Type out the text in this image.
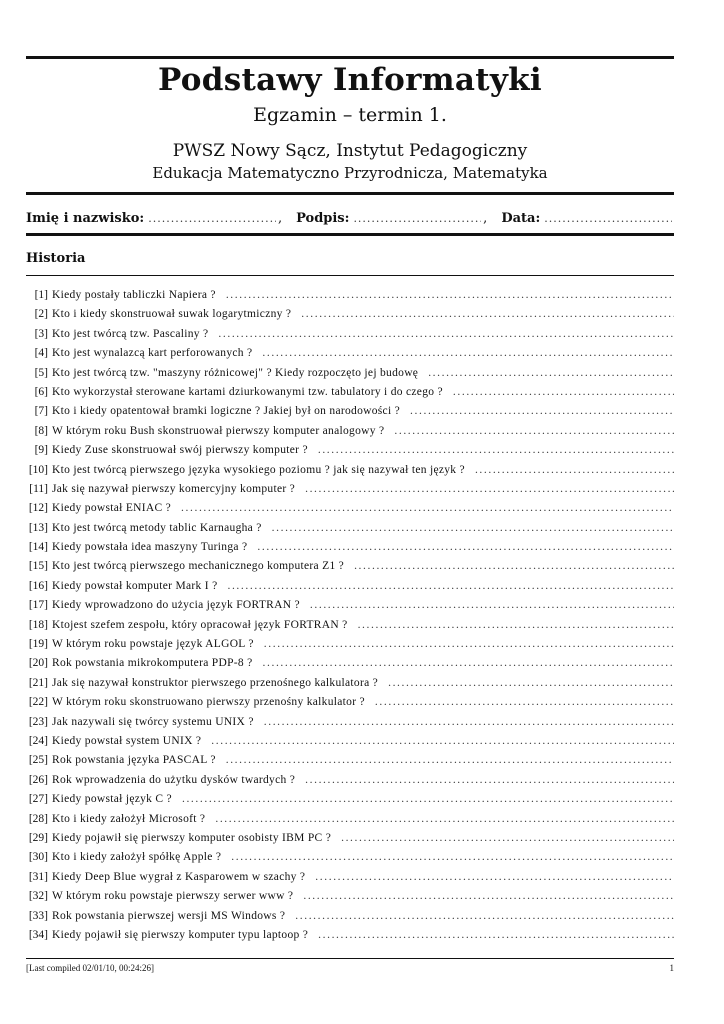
Podstawy Informatyki
Egzamin – termin 1.
PWSZ Nowy Sącz, Instytut Pedagogiczny
Edukacja Matematyczno Przyrodnicza, Matematyka
Imię i nazwisko: .....	, Podpis: .....	, Data:
.....
Historia
[1] Kiedy postały tabliczki Napiera ?
.....
[2] Kto i kiedy skonstruował suwak logarytmiczny ?
.....
[3] Kto jest twórcą tzw. Pascaliny ?
.....
[4] Kto jest wynalazcą kart perforowanych ?
.....
[5] Kto jest twórcą tzw. "maszyny różnicowej" ? Kiedy rozpoczęto jej budowę
.....
[6] Kto wykorzystał sterowane kartami dziurkowanymi tzw. tabulatory i do czego ?
.....
[7] Kto i kiedy opatentował bramki logiczne ? Jakiej był on narodowości ?
.....
[8] W którym roku Bush skonstruował pierwszy komputer analogowy ?
.....
[9] Kiedy Zuse skonstruował swój pierwszy komputer ?
.....
[10] Kto jest twórcą pierwszego języka wysokiego poziomu ? jak się nazywał ten język ?
.....
[11] Jak się nazywał pierwszy komercyjny komputer ?
.....
[12] Kiedy powstał ENIAC ?
.....
[13] Kto jest twórcą metody tablic Karnaugha ?
.....
[14] Kiedy powstała idea maszyny Turinga ?
.....
[15] Kto jest twórcą pierwszego mechanicznego komputera Z1 ?
.....
[16] Kiedy powstał komputer Mark I ?
.....
[17] Kiedy wprowadzono do użycia język FORTRAN ?
.....
[18] Ktojest szefem zespołu, który opracował język FORTRAN ?
.....
[19] W którym roku powstaje język ALGOL ?
.....
[20] Rok powstania mikrokomputera PDP-8 ?
.....
[21] Jak się nazywał konstruktor pierwszego przenośnego kalkulatora ?
.....
[22] W którym roku skonstruowano pierwszy przenośny kalkulator ?
.....
[23] Jak nazywali się twórcy systemu UNIX ?
.....
[24] Kiedy powstał system UNIX ?
.....
[25] Rok powstania języka PASCAL ?
.....
[26] Rok wprowadzenia do użytku dysków twardych ?
.....
[27] Kiedy powstał język C ?
.....
[28] Kto i kiedy założył Microsoft ?
.....
[29] Kiedy pojawił się pierwszy komputer osobisty IBM PC ?
.....
[30] Kto i kiedy założył spółkę Apple ?
.....
[31] Kiedy Deep Blue wygrał z Kasparowem w szachy ?
.....
[32] W którym roku powstaje pierwszy serwer www ?
.....
[33] Rok powstania pierwszej wersji MS Windows ?
.....
[34] Kiedy pojawił się pierwszy komputer typu laptoop ?
.....
[Last compiled 02/01/10, 00:24:26]	1
